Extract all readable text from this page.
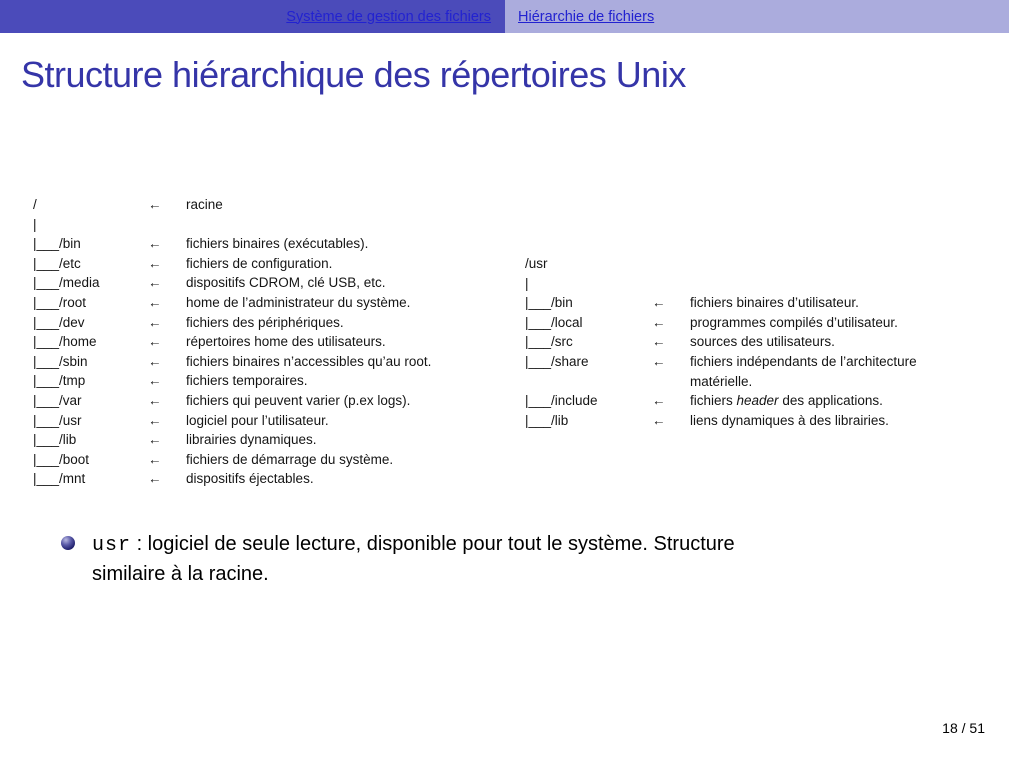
Système de gestion des fichiers Hiérarchie de fichiers
Structure hiérarchique des répertoires Unix
/	←	racine
|
|___/bin	←	fichiers binaires (exécutables).
|___/etc	←	fichiers de configuration.
|___/media	←	dispositifs CDROM, clé USB, etc.
|___/root	←	home de l’administrateur du système.
|___/dev	←	fichiers des périphériques.
|___/home	←	répertoires home des utilisateurs.
|___/sbin	←	fichiers binaires n’accessibles qu’au root.
|___/tmp	←	fichiers temporaires.
|___/var	←	fichiers qui peuvent varier (p.ex logs).
|___/usr	←	logiciel pour l’utilisateur.
|___/lib	←	librairies dynamiques.
|___/boot	←	fichiers de démarrage du système.
|___/mnt	←	dispositifs éjectables.
/usr
|
|___/bin	←	fichiers binaires d’utilisateur.
|___/local	←	programmes compilés d’utilisateur.
|___/src	←	sources des utilisateurs.
|___/share	←	fichiers indépendants de l’architecture
matérielle.
|___/include	←	fichiers header des applications.
|___/lib	←	liens dynamiques à des librairies.
usr : logiciel de seule lecture, disponible pour tout le système. Structure
similaire à la racine.
18 / 51
